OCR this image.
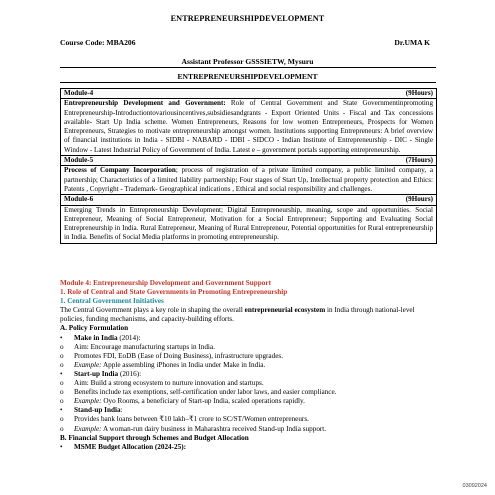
ENTREPRENEURSHIPDEVELOPMENT
Course Code: MBA206	Dr.UMA K
Assistant Professor GSSSIETW, Mysuru
ENTREPRENEURSHIPDEVELOPMENT
Module-4	(9Hours)

Entrepreneurship Development and Government: Role of Central Government and State Governmentinpromoting Entrepreneurship-Introductiontovariousincentives,subsidiesandgrants - Export Oriented Units - Fiscal and Tax concessions available- Start Up India scheme. Women Entrepreneurs, Reasons for low women Entrepreneurs, Prospects for Women Entrepreneurs, Strategies to motivate entrepreneurship amongst women. Institutions supporting Entrepreneurs: A brief overview of financial institutions in India - SIDBI - NABARD - IDBI - SIDCO - Indian Institute of Entrepreneurship - DIC - Single Window - Latest Industrial Policy of Government of India. Latest e – government portals supporting entrepreneurship.
Module-5	(7Hours)

Process of Company Incorporation; process of registration of a private limited company, a public limited company, a partnership; Characteristics of a limited liability partnership; Four stages of Start Up, Intellectual property protection and Ethics: Patents , Copyright - Trademark- Geographical indications , Ethical and social responsibility and challenges.
Module-6	(9Hours)

Emerging Trends in Entrepreneurship Development; Digital Entrepreneurship, meaning, scope and opportunities. Social Entrepreneur, Meaning of Social Entrepreneur, Motivation for a Social Entrepreneur; Supporting and Evaluating Social Entrepreneurship in India. Rural Entrepreneur, Meaning of Rural Entrepreneur, Potential opportunities for Rural entrepreneurship in India. Benefits of Social Media platforms in promoting entrepreneurship.
Module 4: Entrepreneurship Development and Government Support
1. Role of Central and State Governments in Promoting Entrepreneurship
1. Central Government Initiatives
The Central Government plays a key role in shaping the overall entrepreneurial ecosystem in India through national-level policies, funding mechanisms, and capacity-building efforts.
A. Policy Formulation
• Make in India (2014):
o Aim: Encourage manufacturing startups in India.
o Promotes FDI, EoDB (Ease of Doing Business), infrastructure upgrades.
o Example: Apple assembling iPhones in India under Make in India.
• Start-up India (2016):
o Aim: Build a strong ecosystem to nurture innovation and startups.
o Benefits include tax exemptions, self-certification under labor laws, and easier compliance.
o Example: Oyo Rooms, a beneficiary of Start-up India, scaled operations rapidly.
• Stand-up India:
o Provides bank loans between ₹10 lakh–₹1 crore to SC/ST/Women entrepreneurs.
o Example: A woman-run dairy business in Maharashtra received Stand-up India support.
B. Financial Support through Schemes and Budget Allocation
• MSME Budget Allocation (2024-25):
03092024
